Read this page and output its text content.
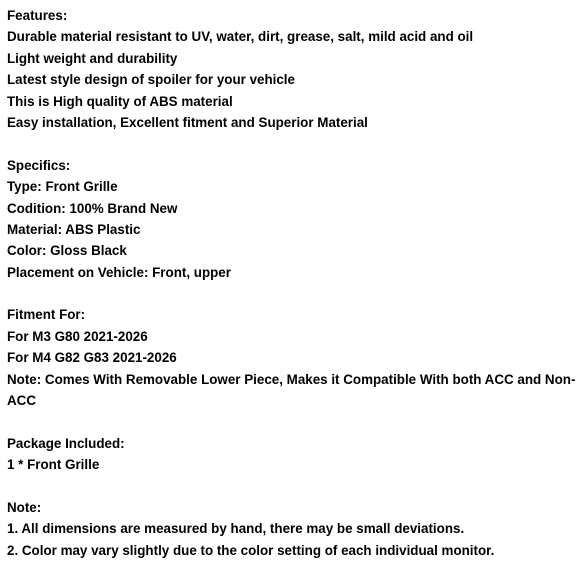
Features:
Durable material resistant to UV, water, dirt, grease, salt, mild acid and oil
Light weight and durability
Latest style design of spoiler for your vehicle
This is High quality of ABS material
Easy installation, Excellent fitment and Superior Material
Specifics:
Type: Front Grille
Codition: 100% Brand New
Material: ABS Plastic
Color: Gloss Black
Placement on Vehicle: Front, upper
Fitment For:
For M3 G80 2021-2026
For M4 G82 G83 2021-2026
Note: Comes With Removable Lower Piece, Makes it Compatible With both ACC and Non-ACC
Package Included:
1 * Front Grille
Note:
1. All dimensions are measured by hand, there may be small deviations.
2. Color may vary slightly due to the color setting of each individual monitor.
